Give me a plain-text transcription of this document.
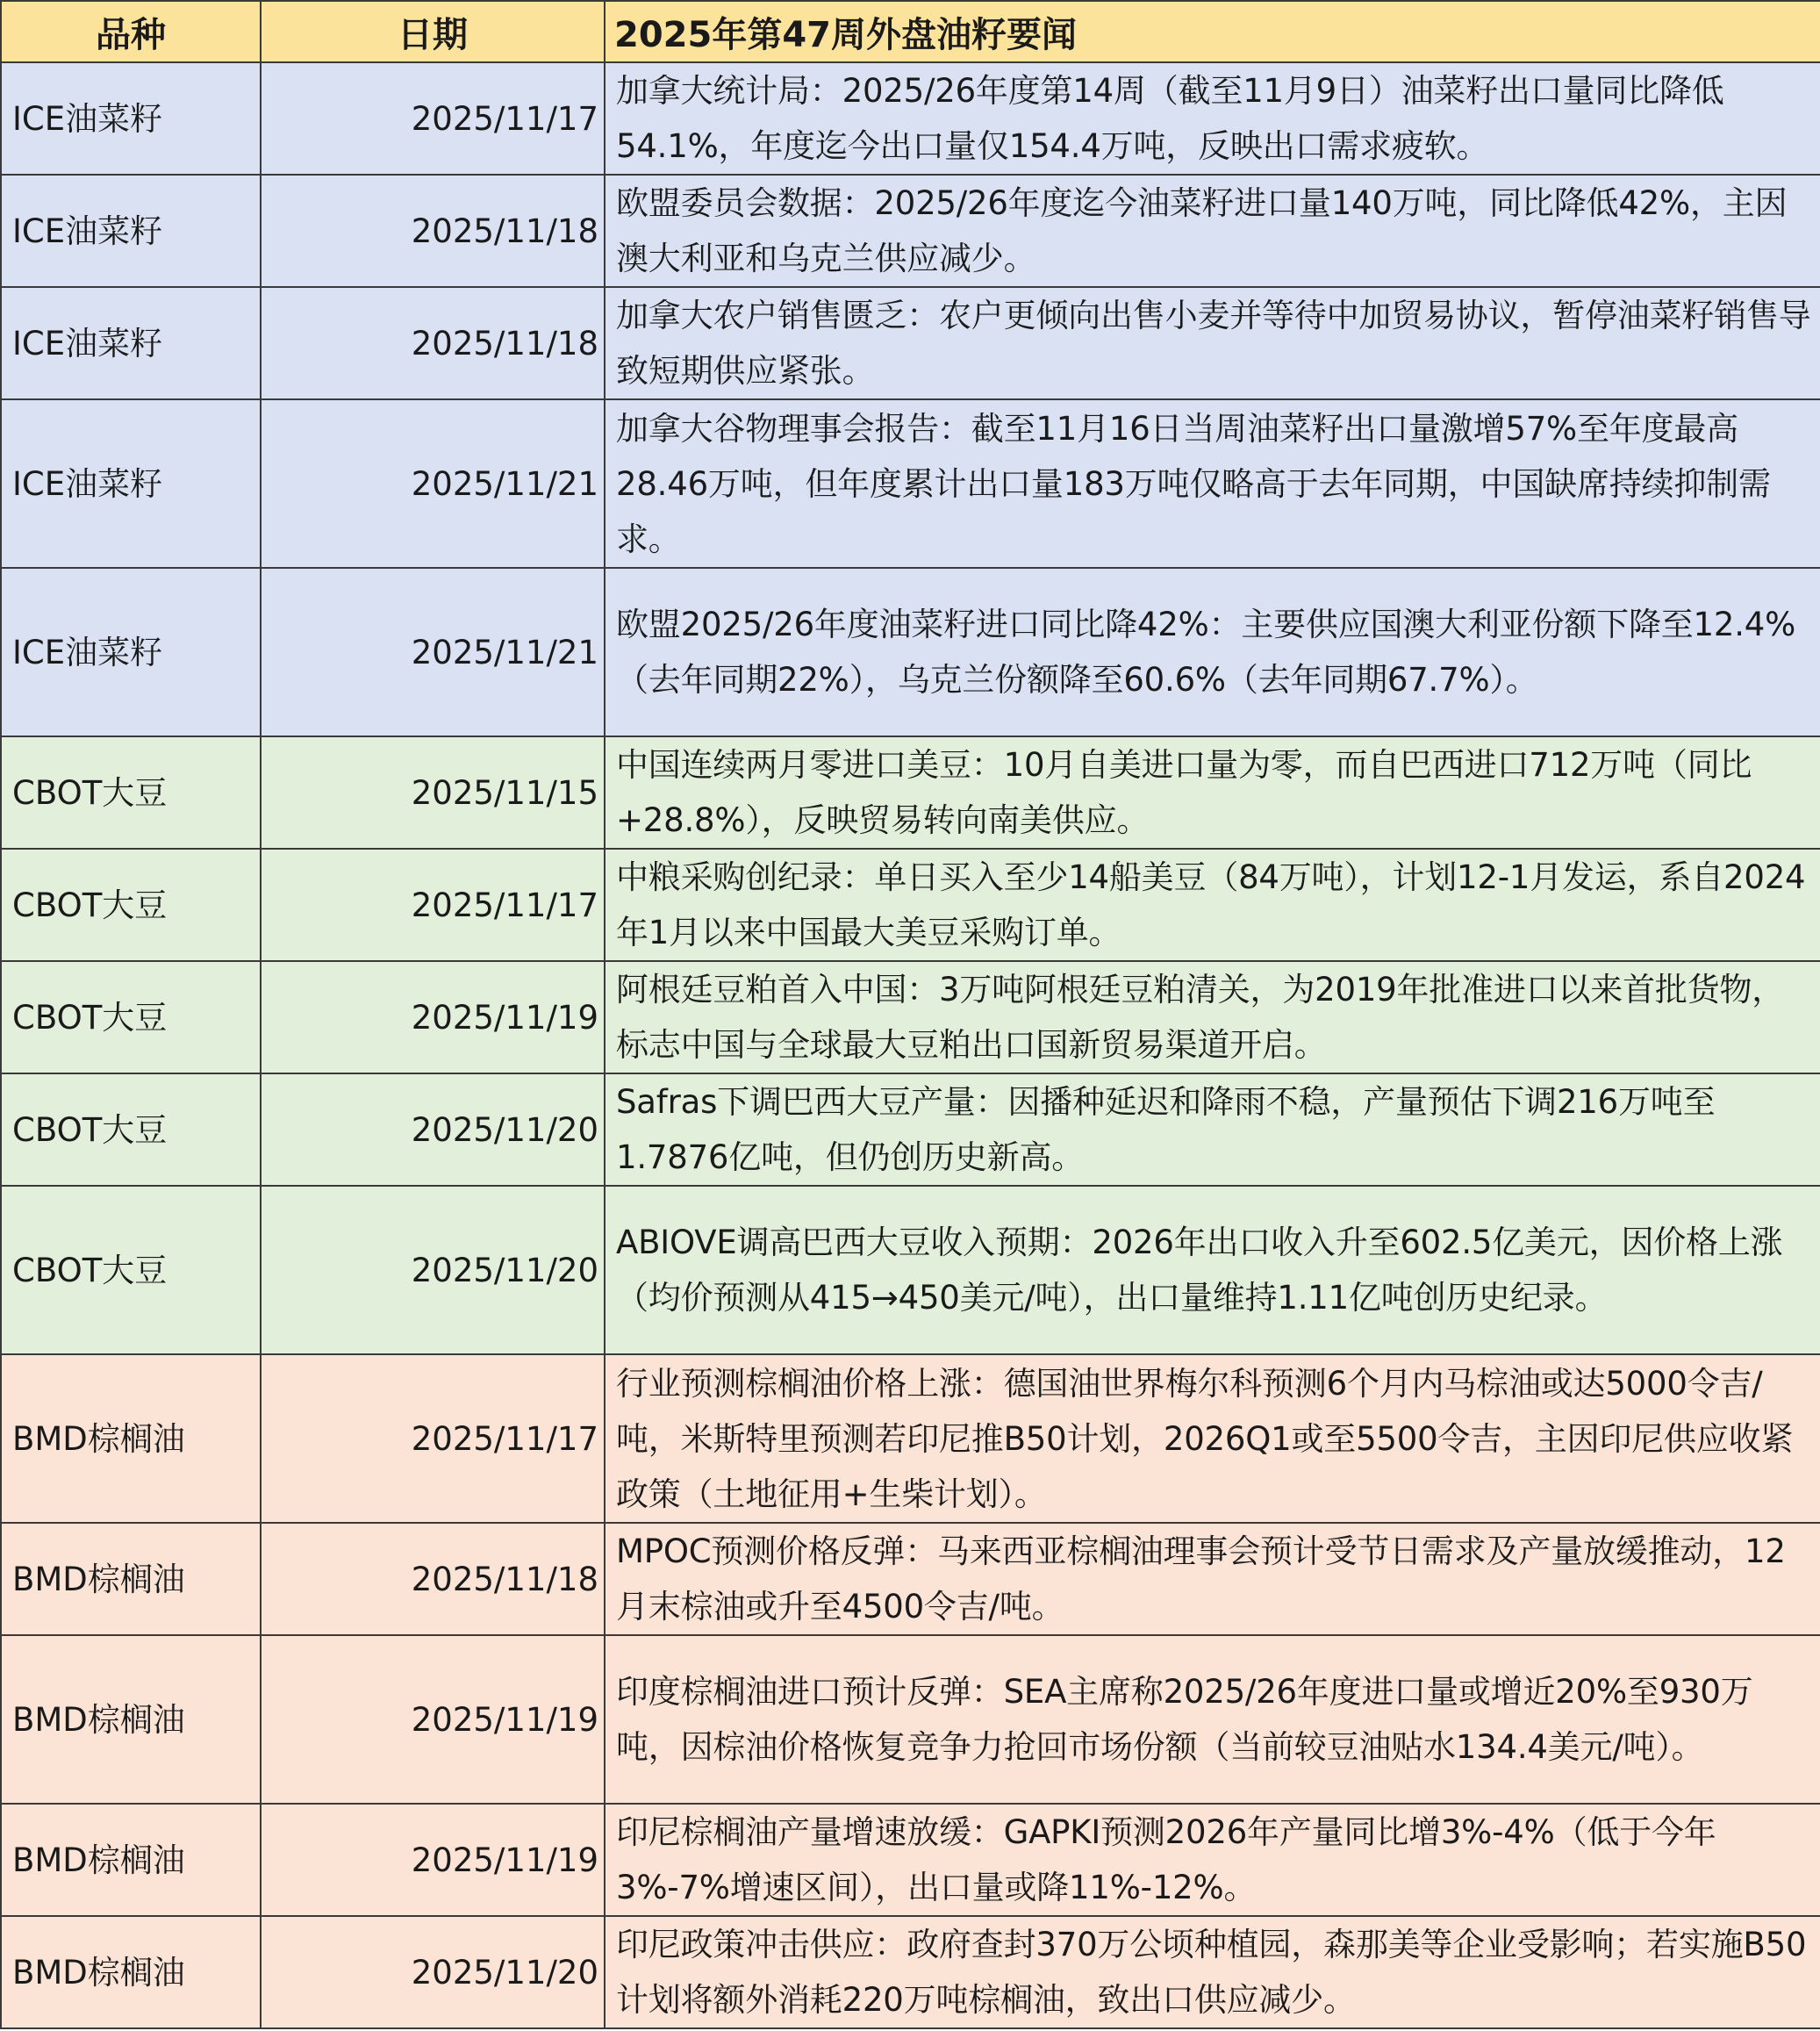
品种	日期	2025年第47周外盘油籽要闻
ICE油菜籽	2025/11/17	加拿大统计局：2025/26年度第14周（截至11月9日）油菜籽出口量同比降低54.1%，年度迄今出口量仅154.4万吨，反映出口需求疲软。
ICE油菜籽	2025/11/18	欧盟委员会数据：2025/26年度迄今油菜籽进口量140万吨，同比降低42%，主因澳大利亚和乌克兰供应减少。
ICE油菜籽	2025/11/18	加拿大农户销售匮乏：农户更倾向出售小麦并等待中加贸易协议，暂停油菜籽销售导致短期供应紧张。
ICE油菜籽	2025/11/21	加拿大谷物理事会报告：截至11月16日当周油菜籽出口量激增57%至年度最高28.46万吨，但年度累计出口量183万吨仅略高于去年同期，中国缺席持续抑制需求。
ICE油菜籽	2025/11/21	欧盟2025/26年度油菜籽进口同比降42%：主要供应国澳大利亚份额下降至12.4%（去年同期22%），乌克兰份额降至60.6%（去年同期67.7%）。
CBOT大豆	2025/11/15	中国连续两月零进口美豆：10月自美进口量为零，而自巴西进口712万吨（同比+28.8%），反映贸易转向南美供应。
CBOT大豆	2025/11/17	中粮采购创纪录：单日买入至少14船美豆（84万吨），计划12-1月发运，系自2024年1月以来中国最大美豆采购订单。
CBOT大豆	2025/11/19	阿根廷豆粕首入中国：3万吨阿根廷豆粕清关，为2019年批准进口以来首批货物，标志中国与全球最大豆粕出口国新贸易渠道开启。
CBOT大豆	2025/11/20	Safras下调巴西大豆产量：因播种延迟和降雨不稳，产量预估下调216万吨至1.7876亿吨，但仍创历史新高。
CBOT大豆	2025/11/20	ABIOVE调高巴西大豆收入预期：2026年出口收入升至602.5亿美元，因价格上涨（均价预测从415→450美元/吨），出口量维持1.11亿吨创历史纪录。
BMD棕榈油	2025/11/17	行业预测棕榈油价格上涨：德国油世界梅尔科预测6个月内马棕油或达5000令吉/吨，米斯特里预测若印尼推B50计划，2026Q1或至5500令吉，主因印尼供应收紧政策（土地征用+生柴计划）。
BMD棕榈油	2025/11/18	MPOC预测价格反弹：马来西亚棕榈油理事会预计受节日需求及产量放缓推动，12月末棕油或升至4500令吉/吨。
BMD棕榈油	2025/11/19	印度棕榈油进口预计反弹：SEA主席称2025/26年度进口量或增近20%至930万吨，因棕油价格恢复竞争力抢回市场份额（当前较豆油贴水134.4美元/吨）。
BMD棕榈油	2025/11/19	印尼棕榈油产量增速放缓：GAPKI预测2026年产量同比增3%-4%（低于今年3%-7%增速区间），出口量或降11%-12%。
BMD棕榈油	2025/11/20	印尼政策冲击供应：政府查封370万公顷种植园，森那美等企业受影响；若实施B50计划将额外消耗220万吨棕榈油，致出口供应减少。
